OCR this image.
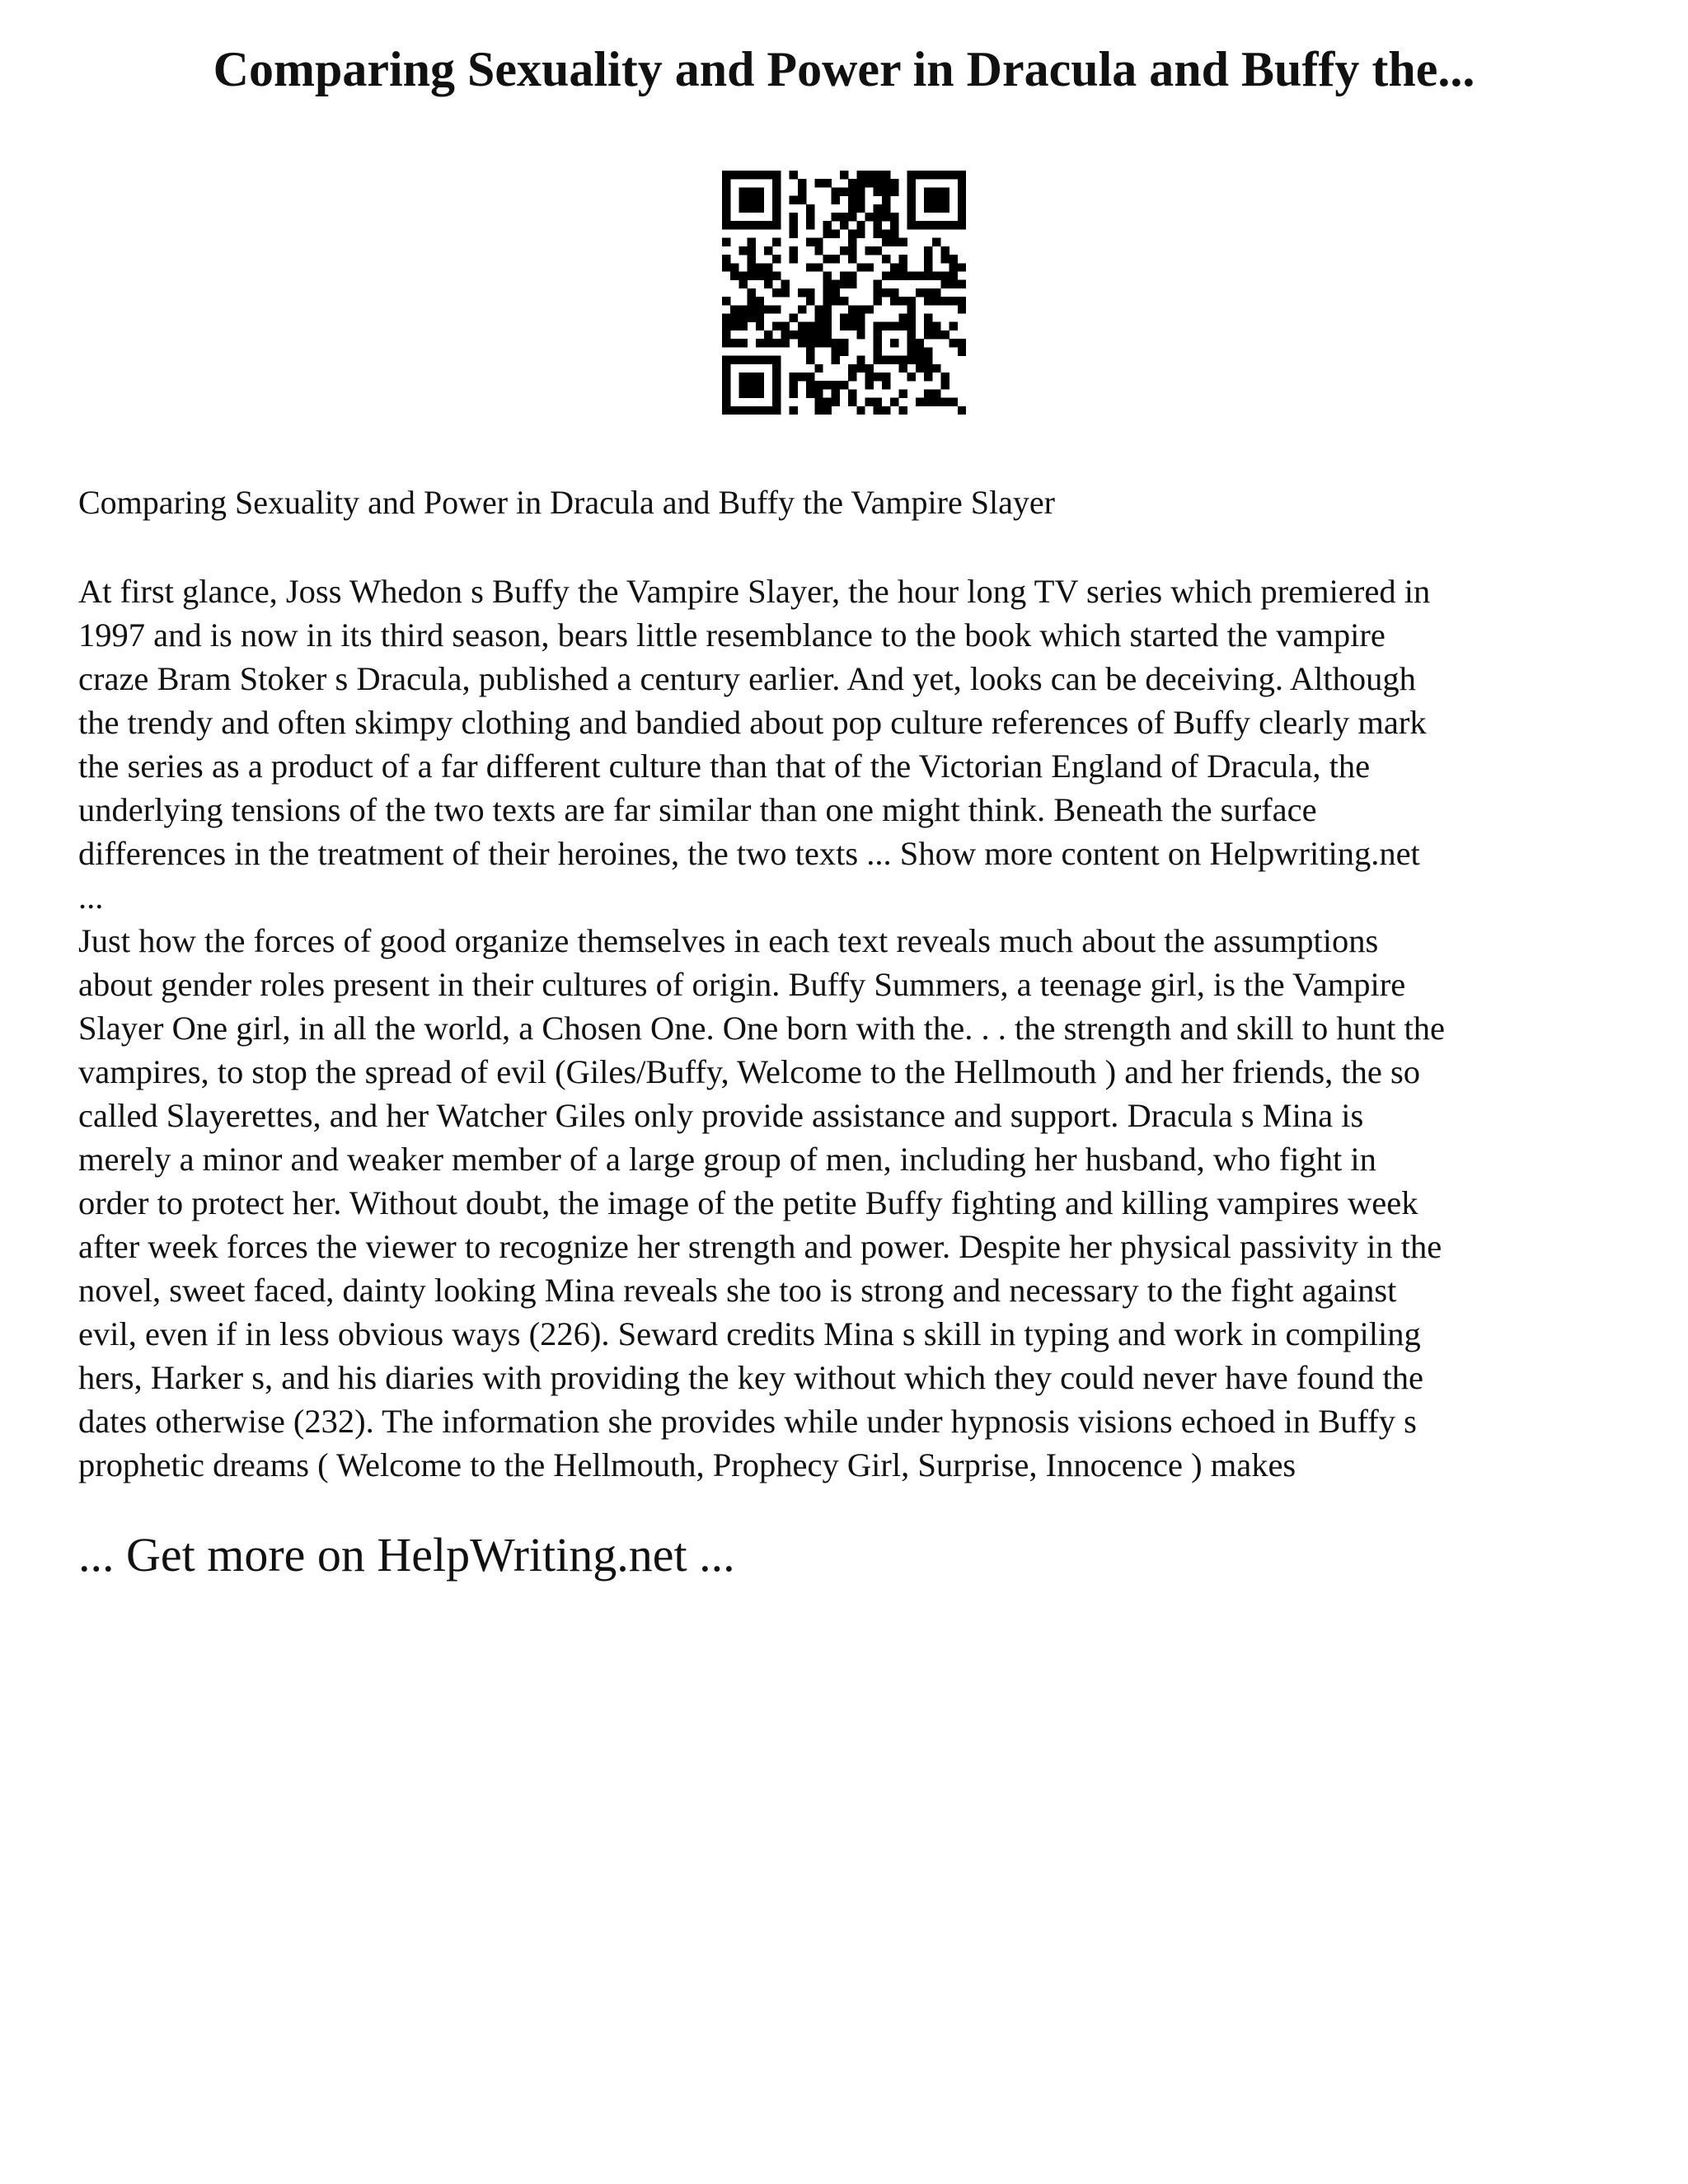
Comparing Sexuality and Power in Dracula and Buffy the...

Comparing Sexuality and Power in Dracula and Buffy the Vampire Slayer

At first glance, Joss Whedon s Buffy the Vampire Slayer, the hour long TV series which premiered in
1997 and is now in its third season, bears little resemblance to the book which started the vampire
craze Bram Stoker s Dracula, published a century earlier. And yet, looks can be deceiving. Although
the trendy and often skimpy clothing and bandied about pop culture references of Buffy clearly mark
the series as a product of a far different culture than that of the Victorian England of Dracula, the
underlying tensions of the two texts are far similar than one might think. Beneath the surface
differences in the treatment of their heroines, the two texts ... Show more content on Helpwriting.net
...
Just how the forces of good organize themselves in each text reveals much about the assumptions
about gender roles present in their cultures of origin. Buffy Summers, a teenage girl, is the Vampire
Slayer One girl, in all the world, a Chosen One. One born with the. . . the strength and skill to hunt the
vampires, to stop the spread of evil (Giles/Buffy, Welcome to the Hellmouth ) and her friends, the so
called Slayerettes, and her Watcher Giles only provide assistance and support. Dracula s Mina is
merely a minor and weaker member of a large group of men, including her husband, who fight in
order to protect her. Without doubt, the image of the petite Buffy fighting and killing vampires week
after week forces the viewer to recognize her strength and power. Despite her physical passivity in the
novel, sweet faced, dainty looking Mina reveals she too is strong and necessary to the fight against
evil, even if in less obvious ways (226). Seward credits Mina s skill in typing and work in compiling
hers, Harker s, and his diaries with providing the key without which they could never have found the
dates otherwise (232). The information she provides while under hypnosis visions echoed in Buffy s
prophetic dreams ( Welcome to the Hellmouth, Prophecy Girl, Surprise, Innocence ) makes

... Get more on HelpWriting.net ...
